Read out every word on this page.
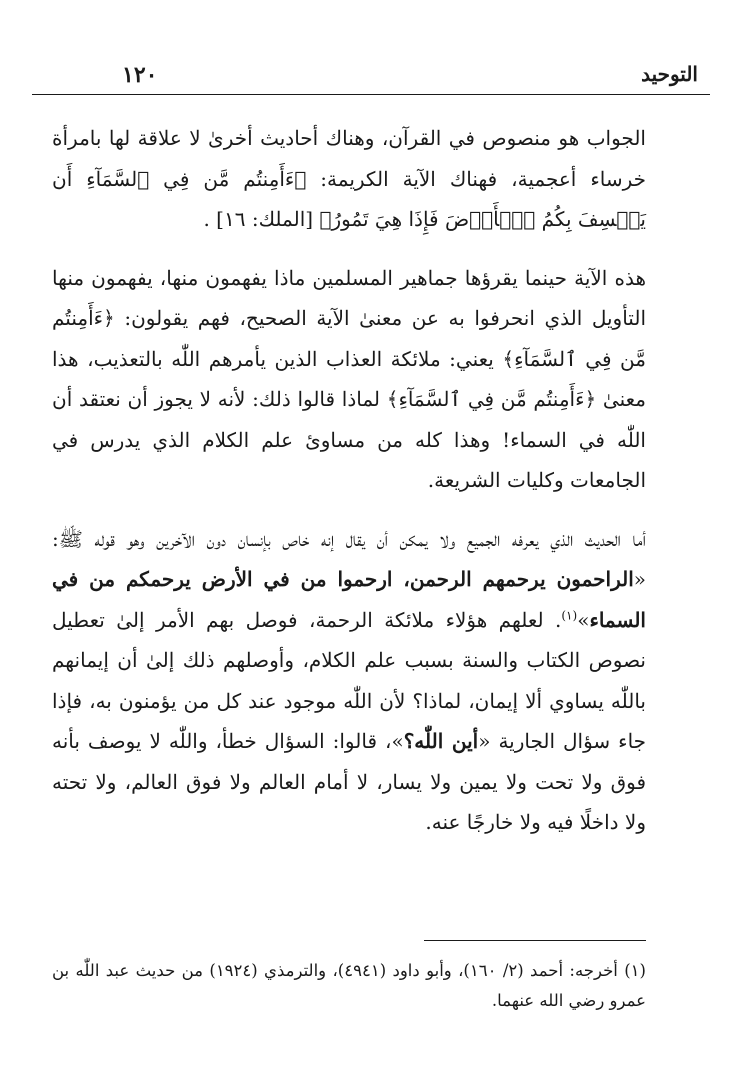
١٢٠	التوحيد

الجواب هو منصوص في القرآن، وهناك أحاديث أخرىٰ لا علاقة لها بامرأة خرساء أعجمية، فهناك الآية الكريمة: ﴿ءَأَمِنتُم مَّن فِي ٱلسَّمَآءِ أَن يَخۡسِفَ بِكُمُ ٱلۡأَرۡضَ فَإِذَا هِيَ تَمُورُ﴾ [الملك: ١٦] .

هذه الآية حينما يقرؤها جماهير المسلمين ماذا يفهمون منها، يفهمون منها التأويل الذي انحرفوا به عن معنىٰ الآية الصحيح، فهم يقولون: ﴿ءَأَمِنتُم مَّن فِي ٱلسَّمَآءِ﴾ يعني: ملائكة العذاب الذين يأمرهم اللّٰه بالتعذيب، هذا معنىٰ ﴿ءَأَمِنتُم مَّن فِي ٱلسَّمَآءِ﴾ لماذا قالوا ذلك: لأنه لا يجوز أن نعتقد أن اللّٰه في السماء! وهذا كله من مساوئ علم الكلام الذي يدرس في الجامعات وكليات الشريعة.

أما الحديث الذي يعرفه الجميع ولا يمكن أن يقال إنه خاص بإنسان دون الآخرين وهو قوله ﷺ: «الراحمون يرحمهم الرحمن، ارحموا من في الأرض يرحمكم من في السماء»$^{(١)}$. لعلهم هؤلاء ملائكة الرحمة، فوصل بهم الأمر إلىٰ تعطيل نصوص الكتاب والسنة بسبب علم الكلام، وأوصلهم ذلك إلىٰ أن إيمانهم باللّٰه يساوي ألا إيمان، لماذا؟ لأن اللّٰه موجود عند كل من يؤمنون به، فإذا جاء سؤال الجارية «أين اللّٰه؟»، قالوا: السؤال خطأ، واللّٰه لا يوصف بأنه فوق ولا تحت ولا يمين ولا يسار، لا أمام العالم ولا فوق العالم، ولا تحته ولا داخلًا فيه ولا خارجًا عنه.

(١) أخرجه: أحمد (٢/ ١٦٠)، وأبو داود (٤٩٤١)، والترمذي (١٩٢٤) من حديث عبد اللّٰه بن عمرو رضي الله عنهما.
